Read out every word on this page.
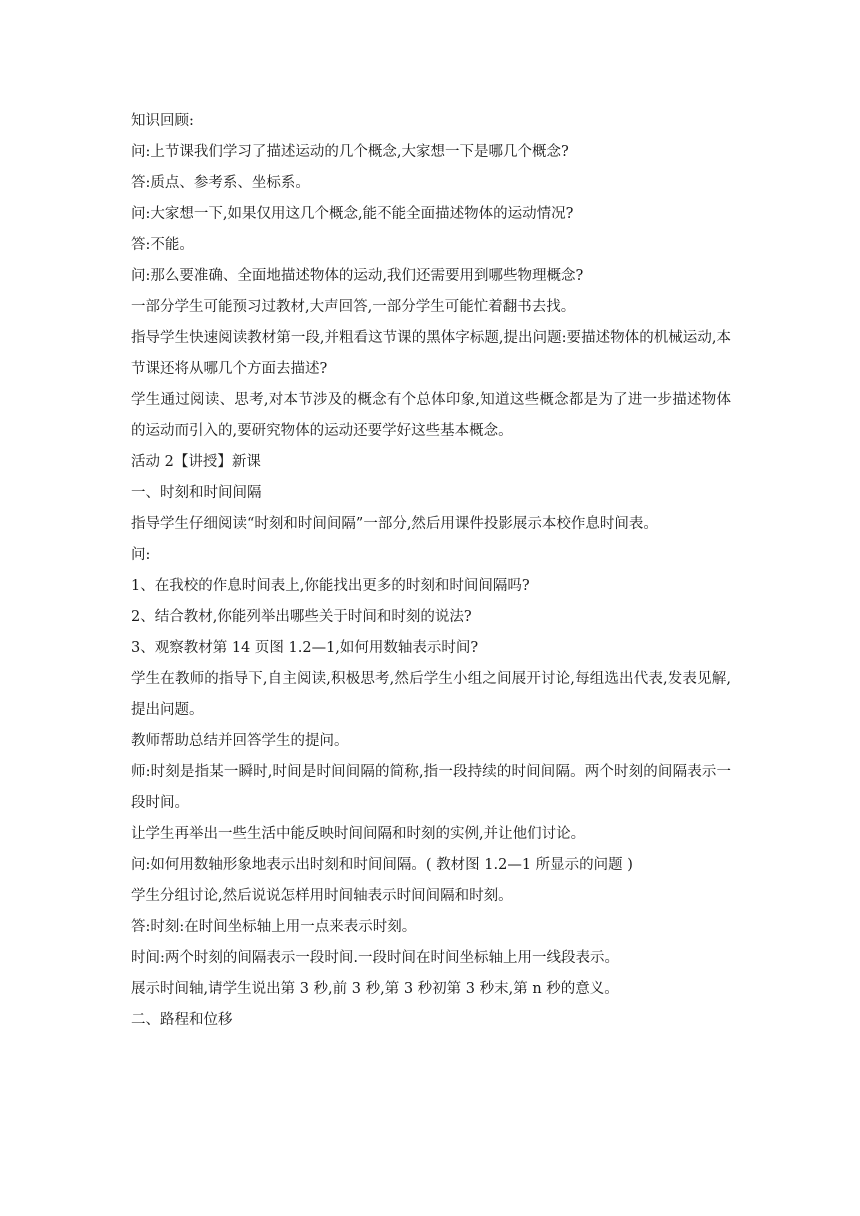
知识回顾:
问:上节课我们学习了描述运动的几个概念,大家想一下是哪几个概念?
答:质点、参考系、坐标系。
问:大家想一下,如果仅用这几个概念,能不能全面描述物体的运动情况?
答:不能。
问:那么要准确、全面地描述物体的运动,我们还需要用到哪些物理概念?
一部分学生可能预习过教材,大声回答,一部分学生可能忙着翻书去找。
指导学生快速阅读教材第一段,并粗看这节课的黑体字标题,提出问题:要描述物体的机械运动,本节课还将从哪几个方面去描述?
学生通过阅读、思考,对本节涉及的概念有个总体印象,知道这些概念都是为了进一步描述物体的运动而引入的,要研究物体的运动还要学好这些基本概念。
活动 2【讲授】新课
一、时刻和时间间隔
指导学生仔细阅读“时刻和时间间隔”一部分,然后用课件投影展示本校作息时间表。
问:
1、在我校的作息时间表上,你能找出更多的时刻和时间间隔吗?
2、结合教材,你能列举出哪些关于时间和时刻的说法?
3、观察教材第 14 页图 1.2—1,如何用数轴表示时间?
学生在教师的指导下,自主阅读,积极思考,然后学生小组之间展开讨论,每组选出代表,发表见解,提出问题。
教师帮助总结并回答学生的提问。
师:时刻是指某一瞬时,时间是时间间隔的简称,指一段持续的时间间隔。两个时刻的间隔表示一段时间。
让学生再举出一些生活中能反映时间间隔和时刻的实例,并让他们讨论。
问:如何用数轴形象地表示出时刻和时间间隔。( 教材图 1.2—1 所显示的问题 )
学生分组讨论,然后说说怎样用时间轴表示时间间隔和时刻。
答:时刻:在时间坐标轴上用一点来表示时刻。
时间:两个时刻的间隔表示一段时间.一段时间在时间坐标轴上用一线段表示。
展示时间轴,请学生说出第 3 秒,前 3 秒,第 3 秒初第 3 秒末,第 n 秒的意义。
二、路程和位移
